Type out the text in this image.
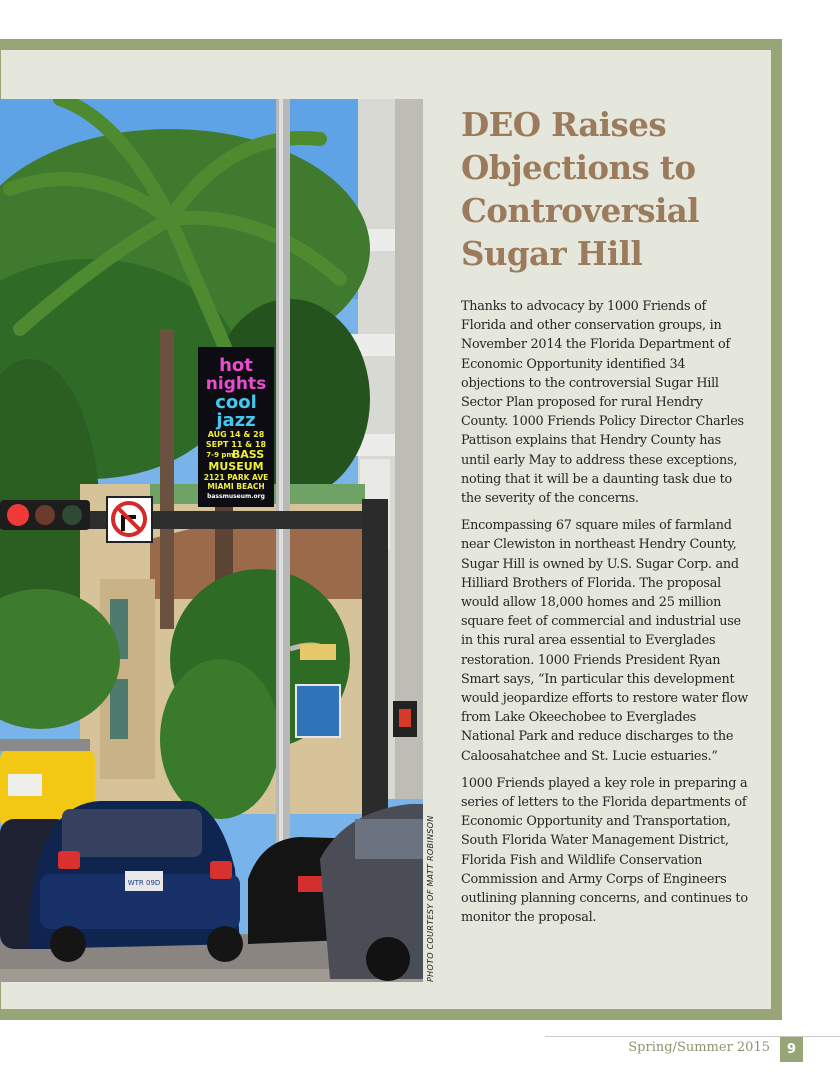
hot
nights
cool
jazz
AUG 14 & 28
SEPT 11 & 18
7-9 pm
BASS
MUSEUM
2121 PARK AVE
MIAMI BEACH
bassmuseum.org
WTR 09D	PHOTO COURTESY OF MATT ROBINSON
DEO Raises Objections to Controversial Sugar Hill

Thanks to advocacy by 1000 Friends of Florida and other conservation groups, in November 2014 the Florida Department of Economic Opportunity identified 34 objections to the controversial Sugar Hill Sector Plan proposed for rural Hendry County. 1000 Friends Policy Director Charles Pattison explains that Hendry County has until early May to address these exceptions, noting that it will be a daunting task due to the severity of the concerns.

Encompassing 67 square miles of farmland near Clewiston in northeast Hendry County, Sugar Hill is owned by U.S. Sugar Corp. and Hilliard Brothers of Florida. The proposal would allow 18,000 homes and 25 million square feet of commercial and industrial use in this rural area essential to Everglades restoration. 1000 Friends President Ryan Smart says, “In particular this development would jeopardize efforts to restore water flow from Lake Okeechobee to Everglades National Park and reduce discharges to the Caloosahatchee and St. Lucie estuaries.”

1000 Friends played a key role in preparing a series of letters to the Florida departments of Economic Opportunity and Transportation, South Florida Water Management District, Florida Fish and Wildlife Conservation Commission and Army Corps of Engineers outlining planning concerns, and continues to monitor the proposal.

Spring/Summer 2015	9
